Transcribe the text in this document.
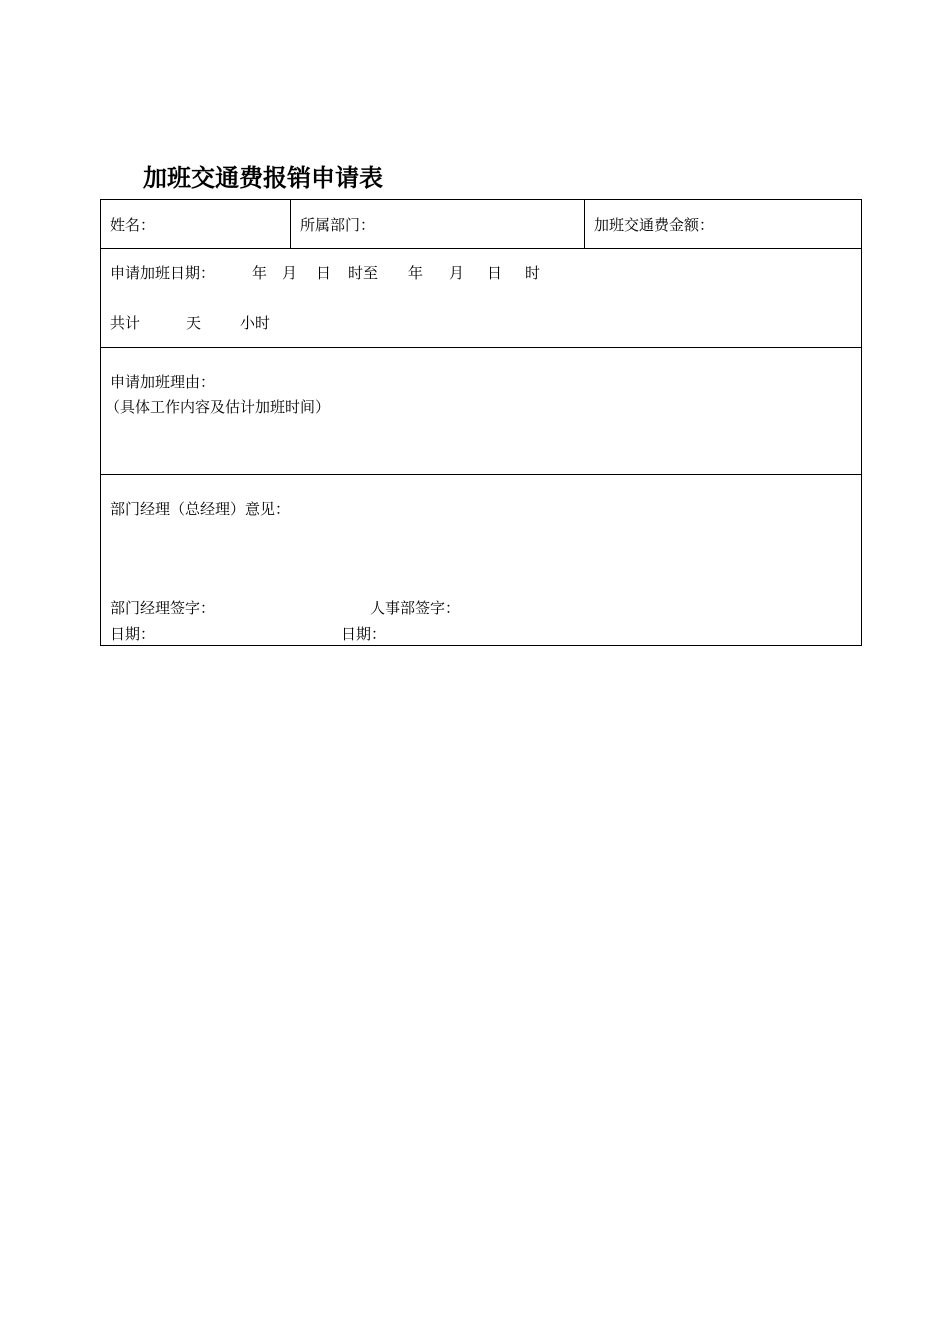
加班交通费报销申请表
姓名：	所属部门：	加班交通费金额：
申请加班日期： 年 月 日 时至 年 月 日 时
共计	天	小时
申请加班理由：
（具体工作内容及估计加班时间）
部门经理（总经理）意见：
部门经理签字：	人事部签字：
日期：	日期：
